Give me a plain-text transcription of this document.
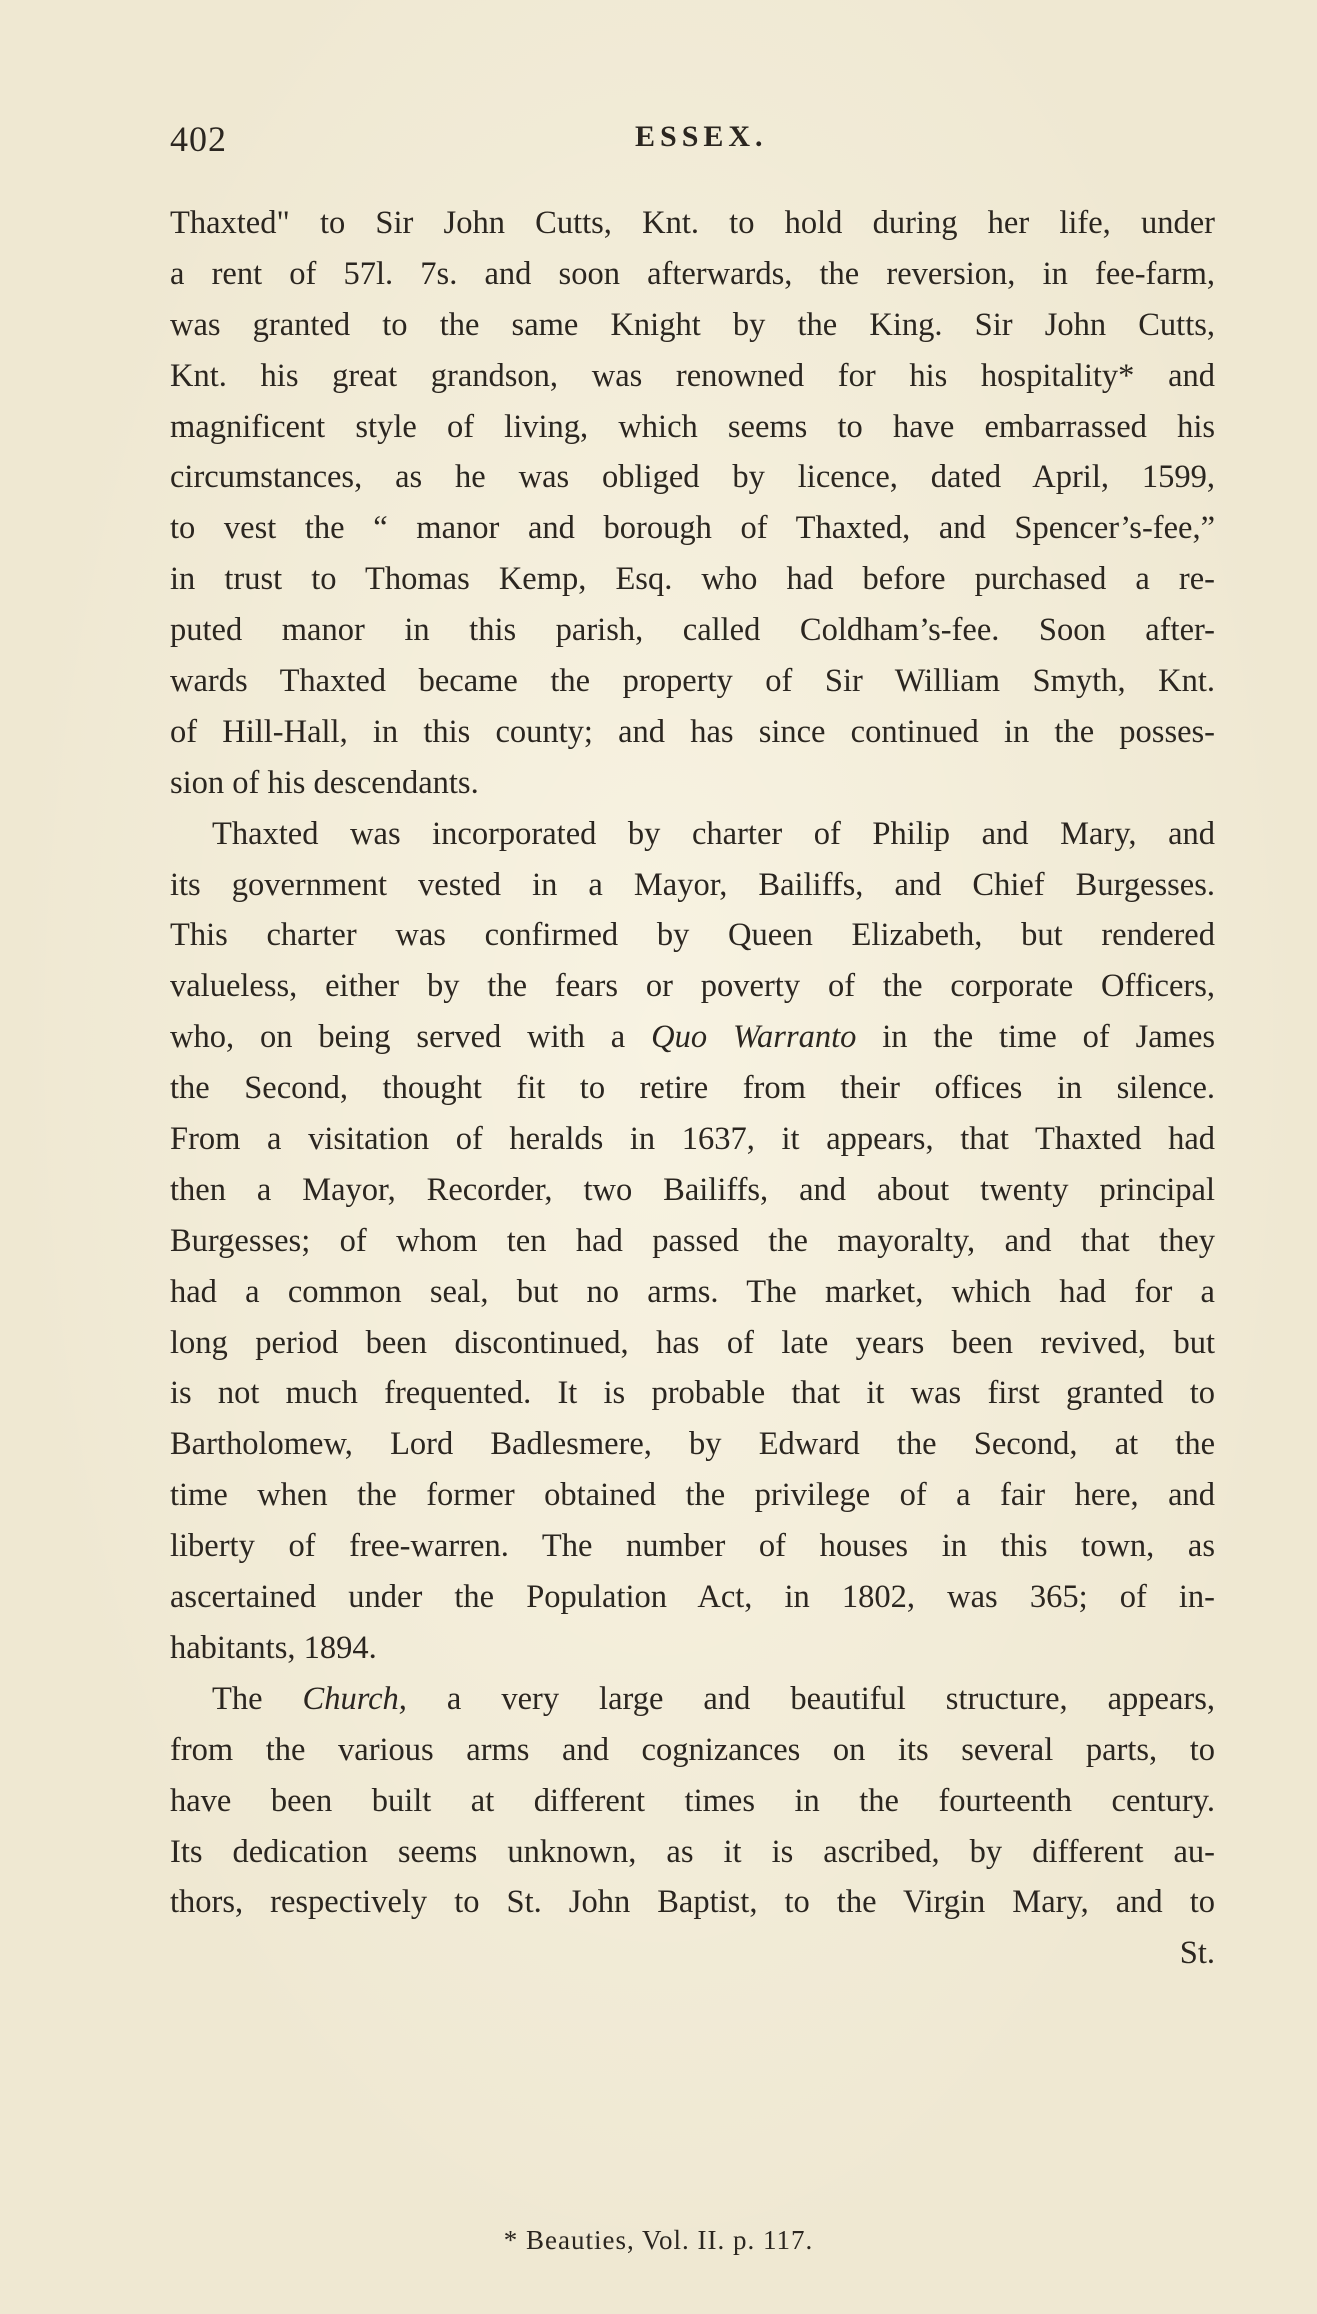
402	ESSEX.
Thaxted" to Sir John Cutts, Knt. to hold during her life, under
a rent of 57l. 7s. and soon afterwards, the reversion, in fee-farm,
was granted to the same Knight by the King. Sir John Cutts,
Knt. his great grandson, was renowned for his hospitality* and
magnificent style of living, which seems to have embarrassed his
circumstances, as he was obliged by licence, dated April, 1599,
to vest the “ manor and borough of Thaxted, and Spencer’s-fee,”
in trust to Thomas Kemp, Esq. who had before purchased a re-
puted manor in this parish, called Coldham’s-fee. Soon after-
wards Thaxted became the property of Sir William Smyth, Knt.
of Hill-Hall, in this county; and has since continued in the posses-
sion of his descendants.
Thaxted was incorporated by charter of Philip and Mary, and
its government vested in a Mayor, Bailiffs, and Chief Burgesses.
This charter was confirmed by Queen Elizabeth, but rendered
valueless, either by the fears or poverty of the corporate Officers,
who, on being served with a Quo Warranto in the time of James
the Second, thought fit to retire from their offices in silence.
From a visitation of heralds in 1637, it appears, that Thaxted had
then a Mayor, Recorder, two Bailiffs, and about twenty principal
Burgesses; of whom ten had passed the mayoralty, and that they
had a common seal, but no arms. The market, which had for a
long period been discontinued, has of late years been revived, but
is not much frequented. It is probable that it was first granted to
Bartholomew, Lord Badlesmere, by Edward the Second, at the
time when the former obtained the privilege of a fair here, and
liberty of free-warren. The number of houses in this town, as
ascertained under the Population Act, in 1802, was 365; of in-
habitants, 1894.
The Church, a very large and beautiful structure, appears,
from the various arms and cognizances on its several parts, to
have been built at different times in the fourteenth century.
Its dedication seems unknown, as it is ascribed, by different au-
thors, respectively to St. John Baptist, to the Virgin Mary, and to
St.
* Beauties, Vol. II. p. 117.
